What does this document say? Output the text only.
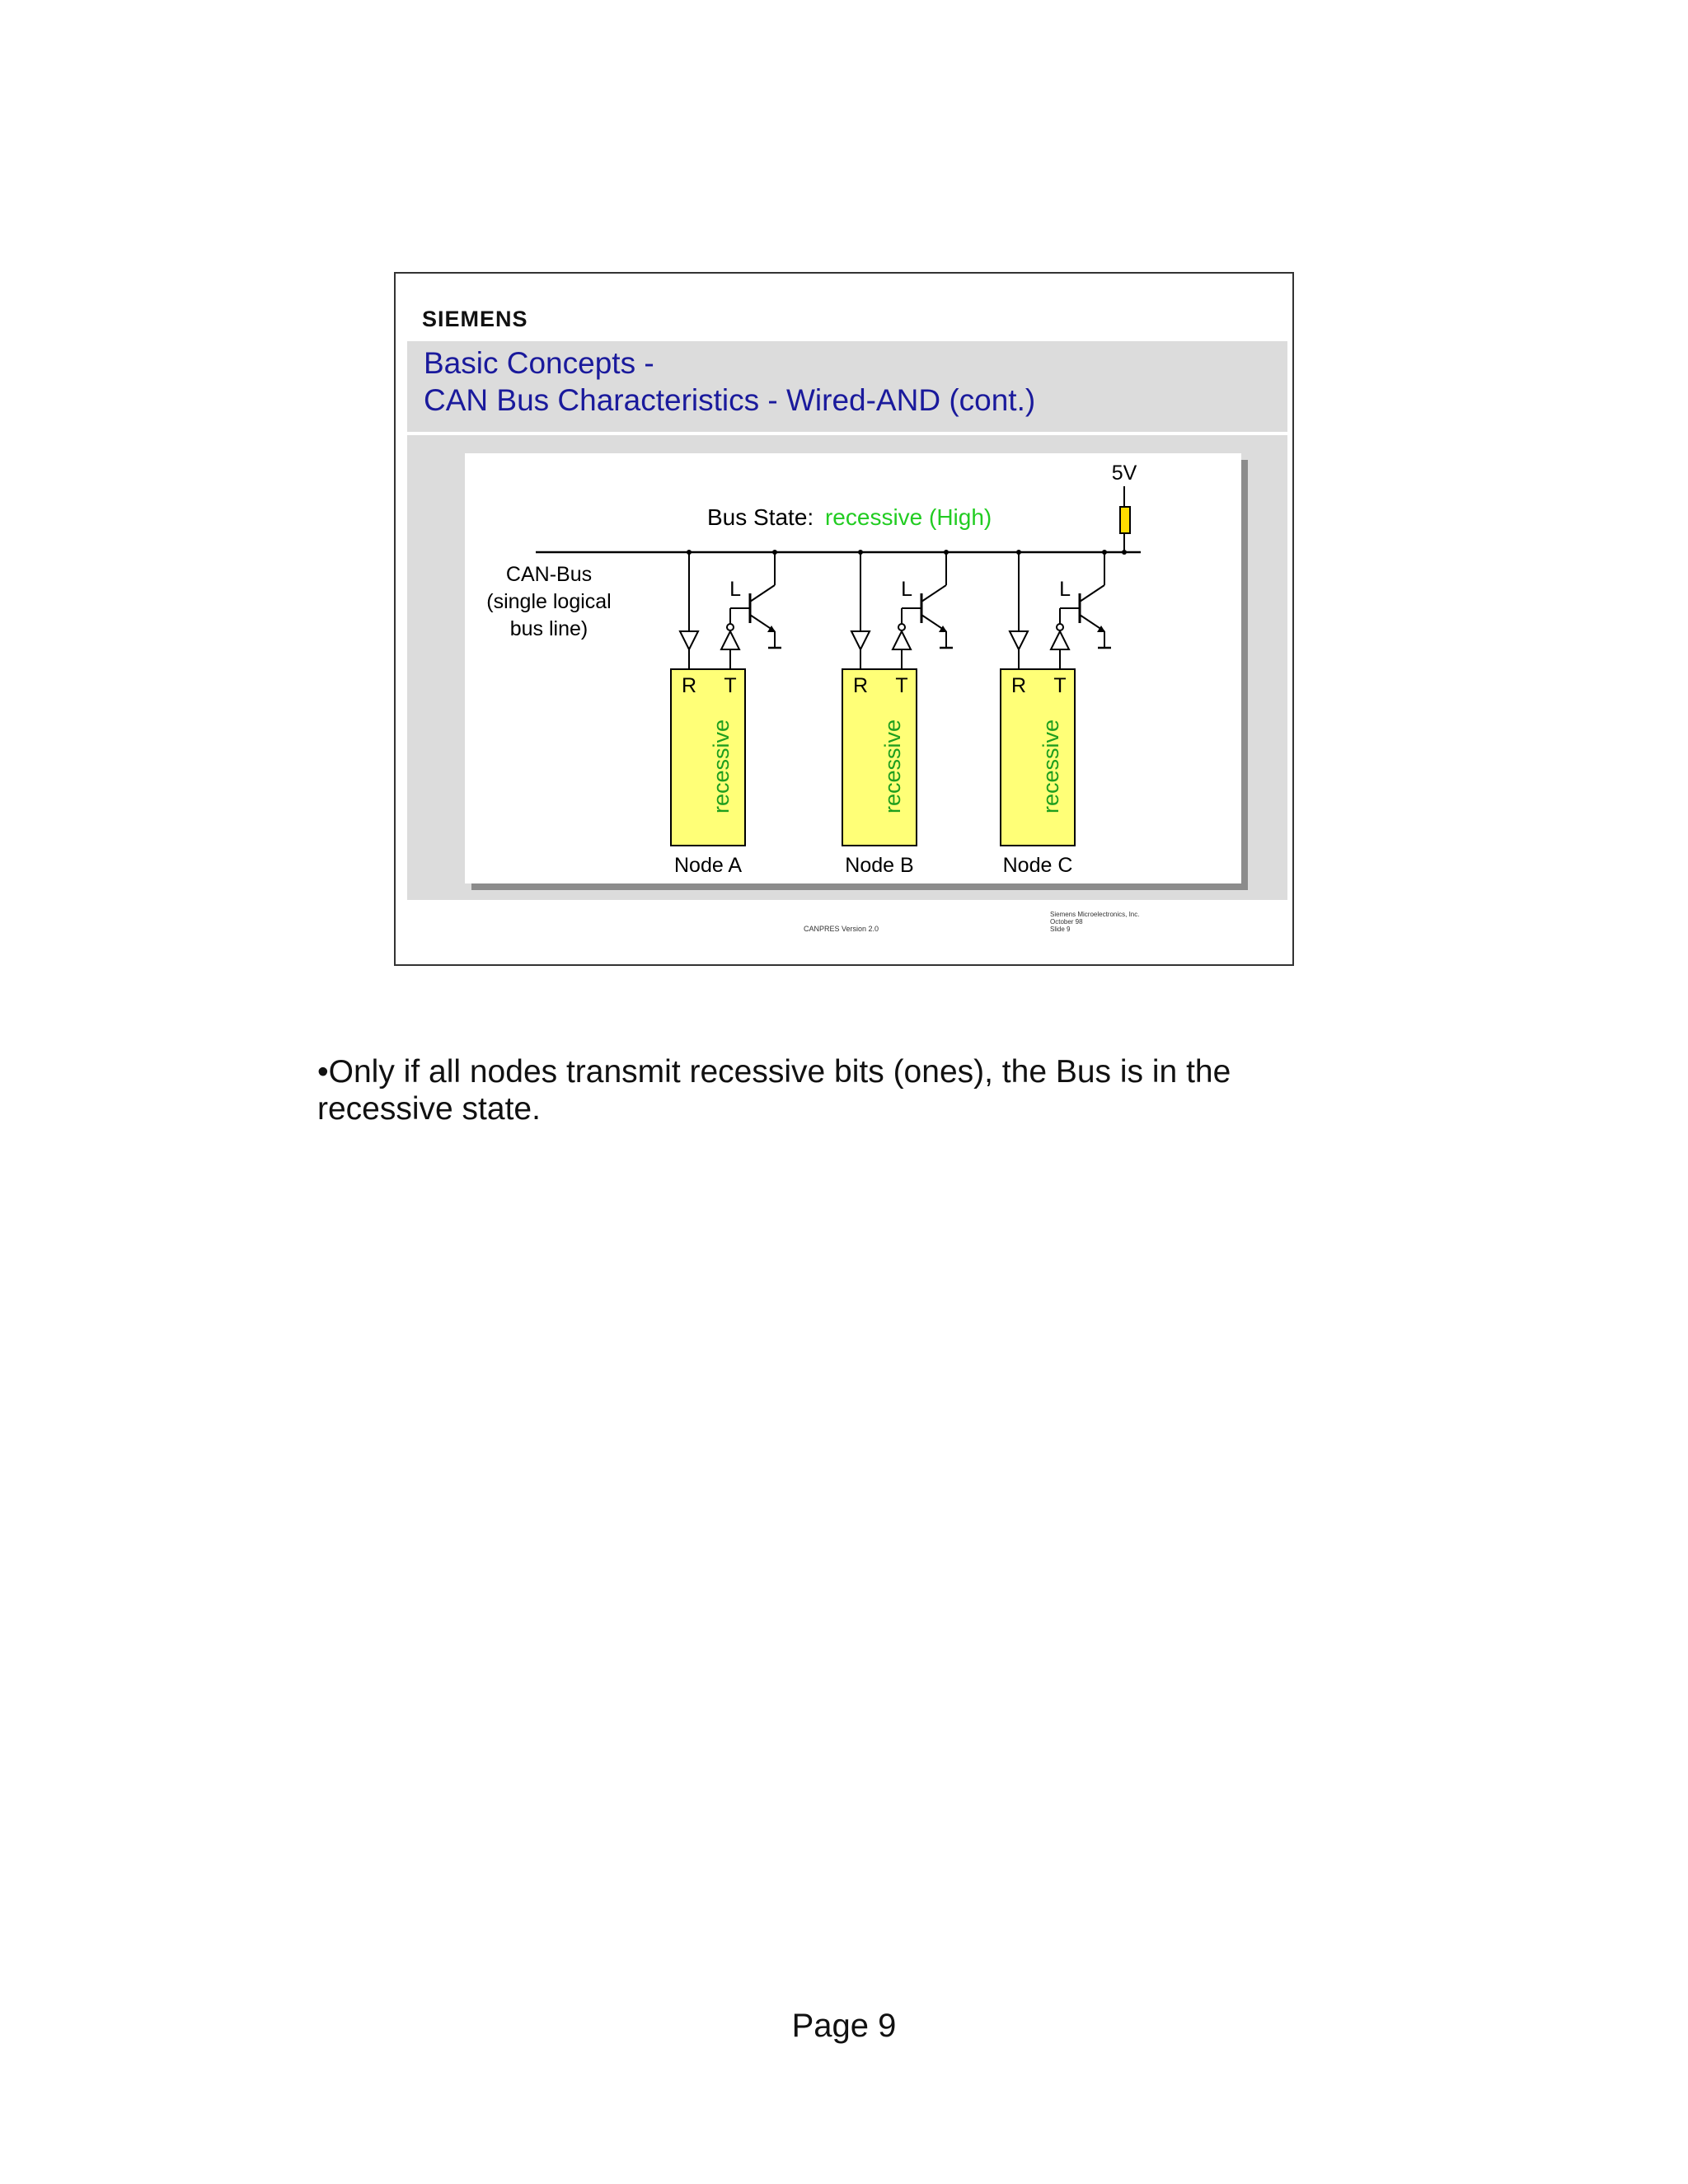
SIEMENS
Basic Concepts -
CAN Bus Characteristics - Wired-AND (cont.)
5V
Bus State: recessive (High)
CAN-Bus
(single logical
bus line)
L
R T
recessive
Node A
L
R T
recessive
Node B
L
R T
recessive
Node C
CANPRES Version 2.0
Siemens Microelectronics, Inc.
October 98
Slide 9
•Only if all nodes transmit recessive bits (ones), the Bus is in the recessive state.
Page 9
